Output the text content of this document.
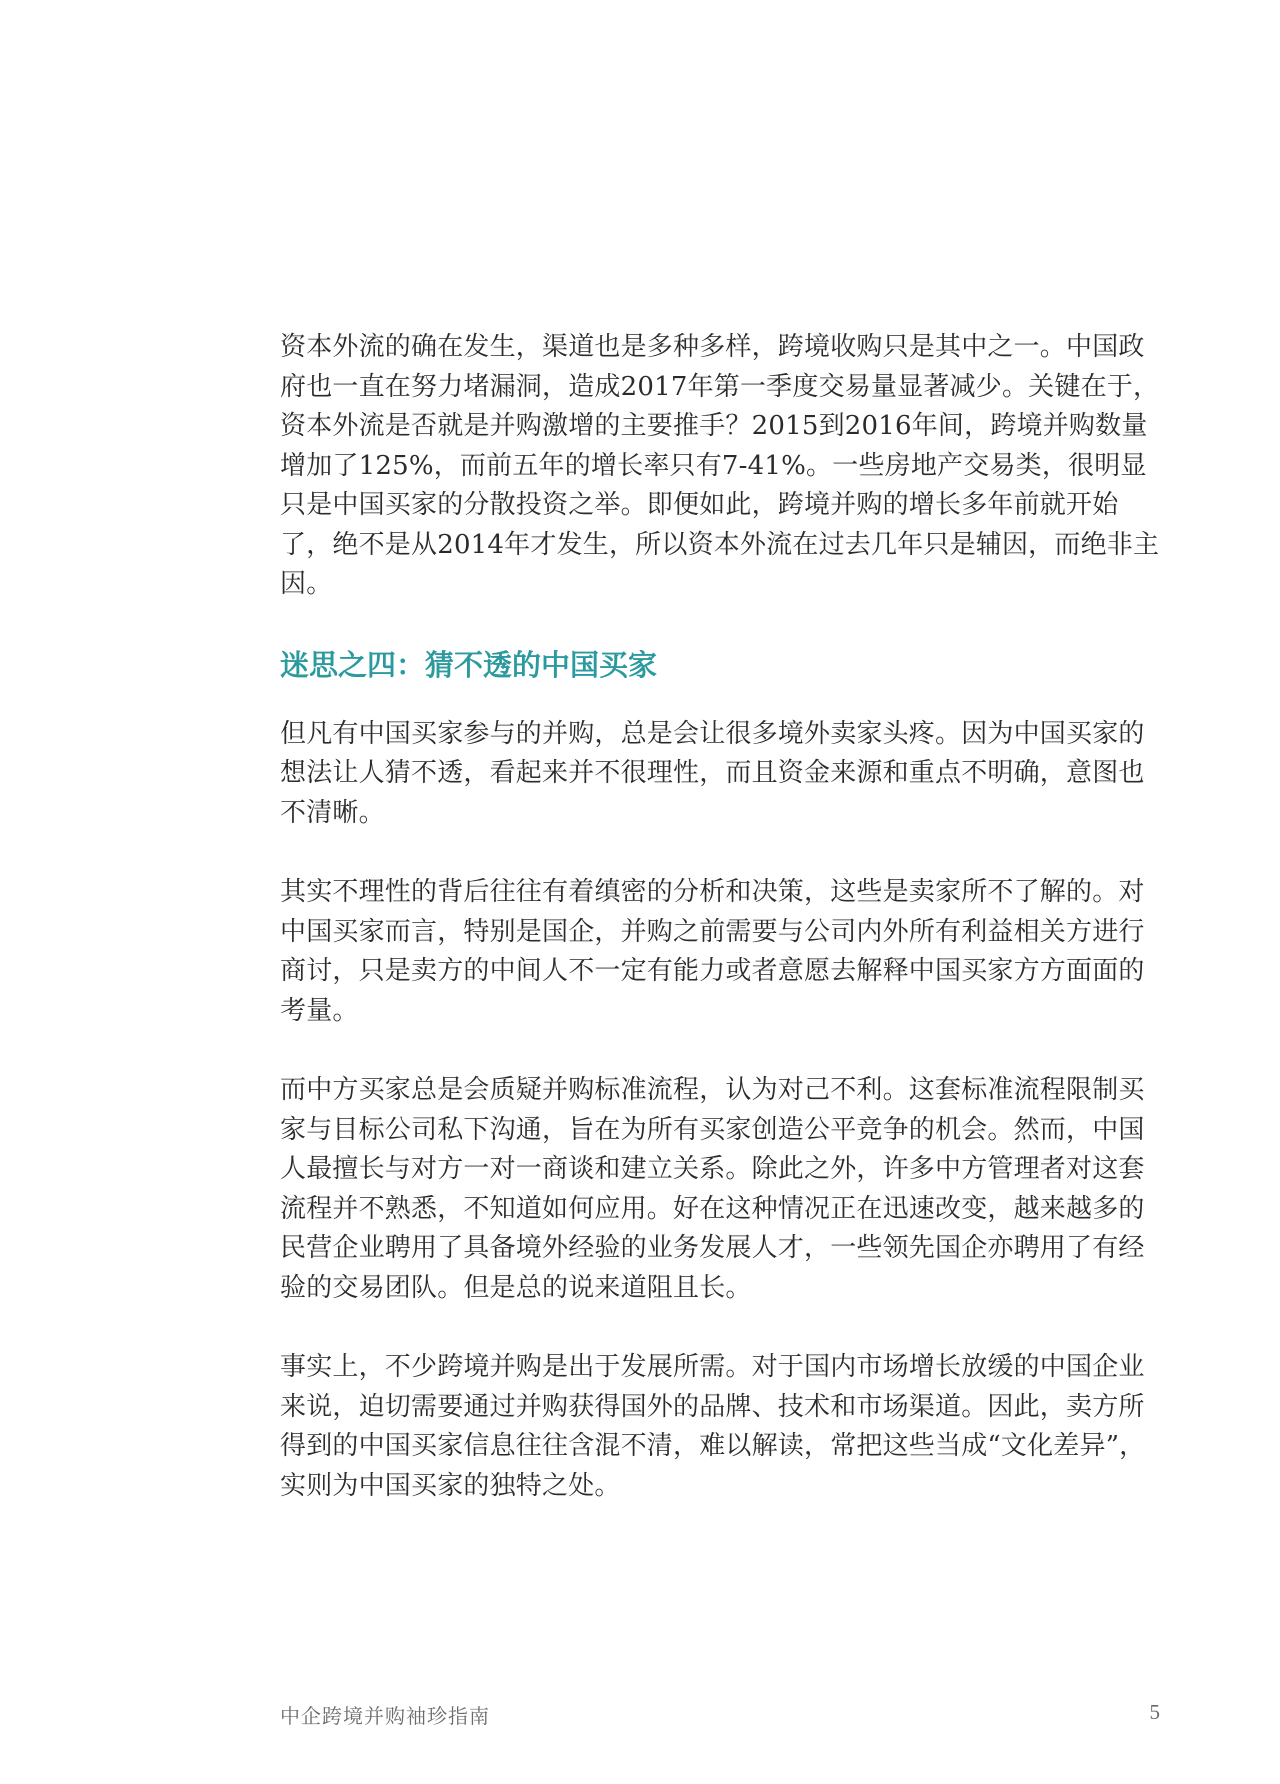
资本外流的确在发生，渠道也是多种多样，跨境收购只是其中之一。中国政府也一直在努力堵漏洞，造成2017年第一季度交易量显著减少。关键在于，资本外流是否就是并购激增的主要推手？2015到2016年间，跨境并购数量增加了125%，而前五年的增长率只有7-41%。一些房地产交易类，很明显只是中国买家的分散投资之举。即便如此，跨境并购的增长多年前就开始了，绝不是从2014年才发生，所以资本外流在过去几年只是辅因，而绝非主因。

迷思之四：猜不透的中国买家

但凡有中国买家参与的并购，总是会让很多境外卖家头疼。因为中国买家的想法让人猜不透，看起来并不很理性，而且资金来源和重点不明确，意图也不清晰。

其实不理性的背后往往有着缜密的分析和决策，这些是卖家所不了解的。对中国买家而言，特别是国企，并购之前需要与公司内外所有利益相关方进行商讨，只是卖方的中间人不一定有能力或者意愿去解释中国买家方方面面的考量。

而中方买家总是会质疑并购标准流程，认为对己不利。这套标准流程限制买家与目标公司私下沟通，旨在为所有买家创造公平竞争的机会。然而，中国人最擅长与对方一对一商谈和建立关系。除此之外，许多中方管理者对这套流程并不熟悉，不知道如何应用。好在这种情况正在迅速改变，越来越多的民营企业聘用了具备境外经验的业务发展人才，一些领先国企亦聘用了有经验的交易团队。但是总的说来道阻且长。

事实上，不少跨境并购是出于发展所需。对于国内市场增长放缓的中国企业来说，迫切需要通过并购获得国外的品牌、技术和市场渠道。因此，卖方所得到的中国买家信息往往含混不清，难以解读，常把这些当成“文化差异”，实则为中国买家的独特之处。

中企跨境并购袖珍指南	5
